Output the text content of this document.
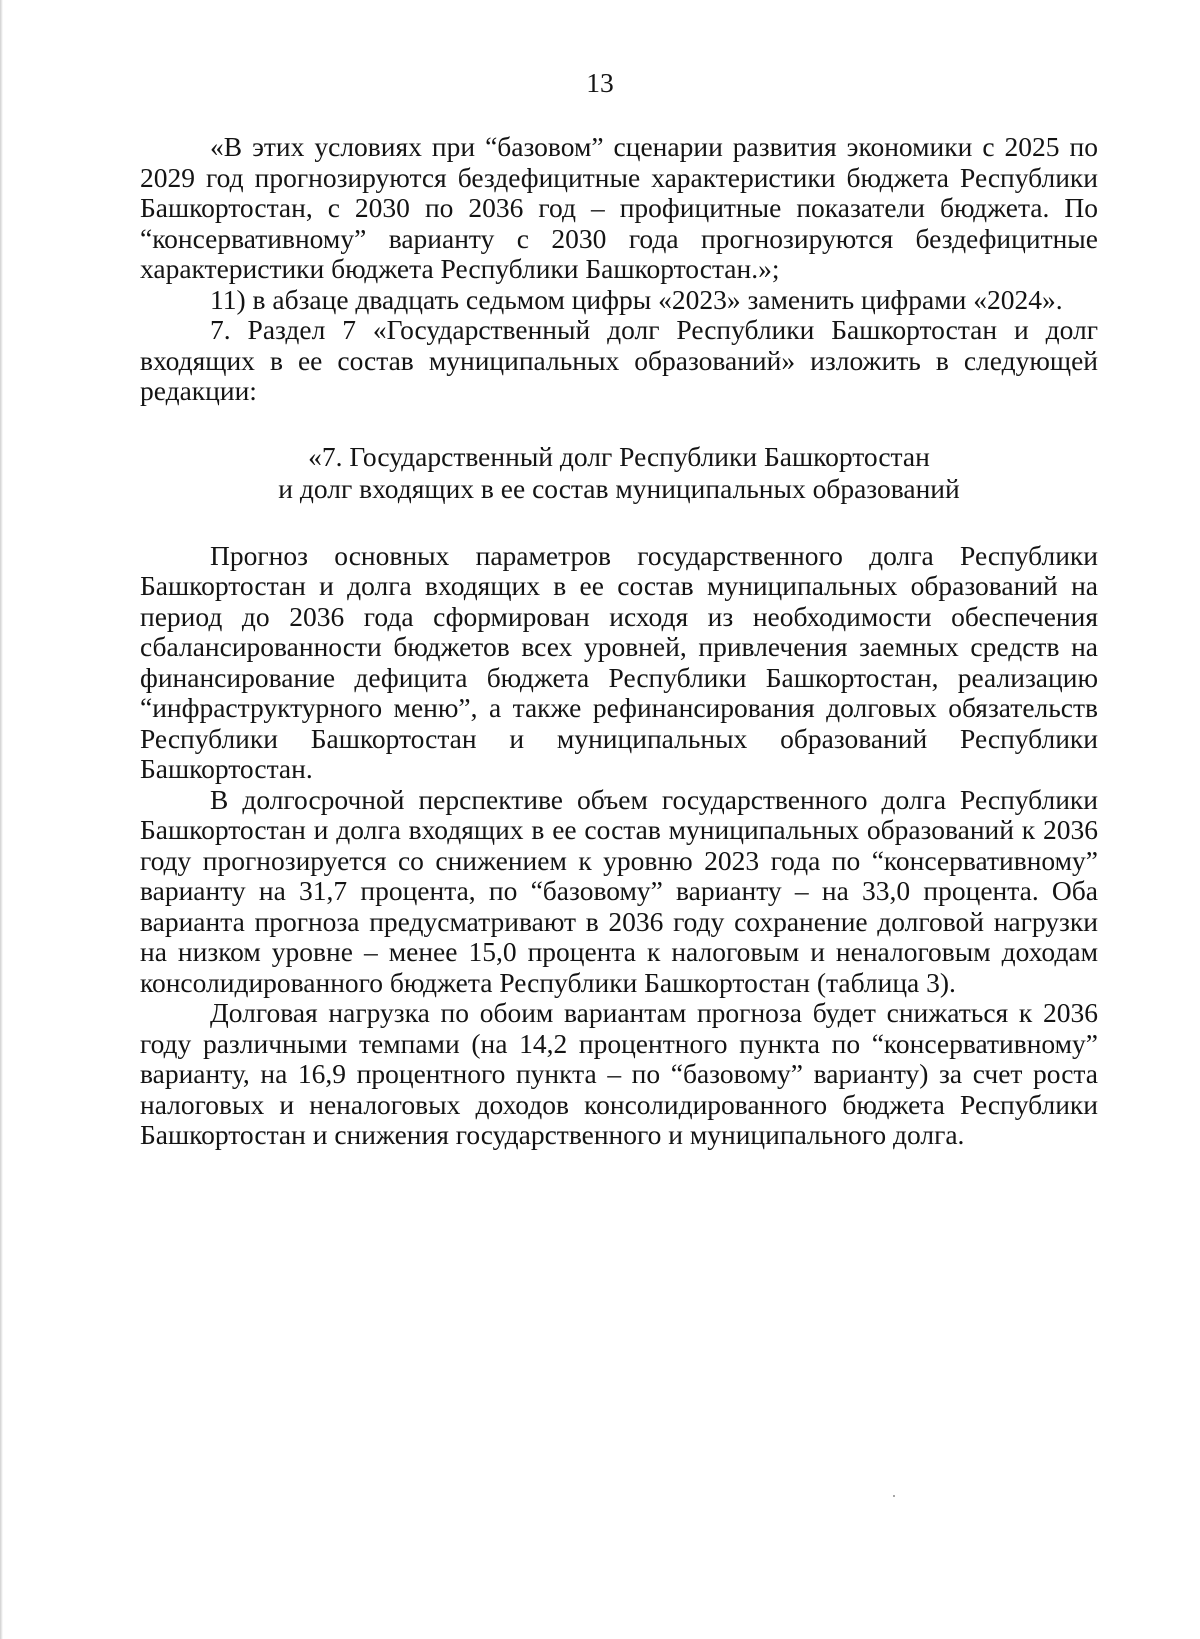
13

«В этих условиях при “базовом” сценарии развития экономики с 2025 по 2029 год прогнозируются бездефицитные характеристики бюджета Республики Башкортостан, с 2030 по 2036 год – профицитные показатели бюджета. По “консервативному” варианту с 2030 года прогнозируются бездефицитные характеристики бюджета Республики Башкортостан.»;

11) в абзаце двадцать седьмом цифры «2023» заменить цифрами «2024».

7. Раздел 7 «Государственный долг Республики Башкортостан и долг входящих в ее состав муниципальных образований» изложить в следующей редакции:

«7. Государственный долг Республики Башкортостан
и долг входящих в ее состав муниципальных образований

Прогноз основных параметров государственного долга Республики Башкортостан и долга входящих в ее состав муниципальных образований на период до 2036 года сформирован исходя из необходимости обеспечения сбалансированности бюджетов всех уровней, привлечения заемных средств на финансирование дефицита бюджета Республики Башкортостан, реализацию “инфраструктурного меню”, а также рефинансирования долговых обязательств Республики Башкортостан и муниципальных образований Республики Башкортостан.

В долгосрочной перспективе объем государственного долга Республики Башкортостан и долга входящих в ее состав муниципальных образований к 2036 году прогнозируется со снижением к уровню 2023 года по “консервативному” варианту на 31,7 процента, по “базовому” варианту – на 33,0 процента. Оба варианта прогноза предусматривают в 2036 году сохранение долговой нагрузки на низком уровне – менее 15,0 процента к налоговым и неналоговым доходам консолидированного бюджета Республики Башкортостан (таблица 3).

Долговая нагрузка по обоим вариантам прогноза будет снижаться к 2036 году различными темпами (на 14,2 процентного пункта по “консервативному” варианту, на 16,9 процентного пункта – по “базовому” варианту) за счет роста налоговых и неналоговых доходов консолидированного бюджета Республики Башкортостан и снижения государственного и муниципального долга.
